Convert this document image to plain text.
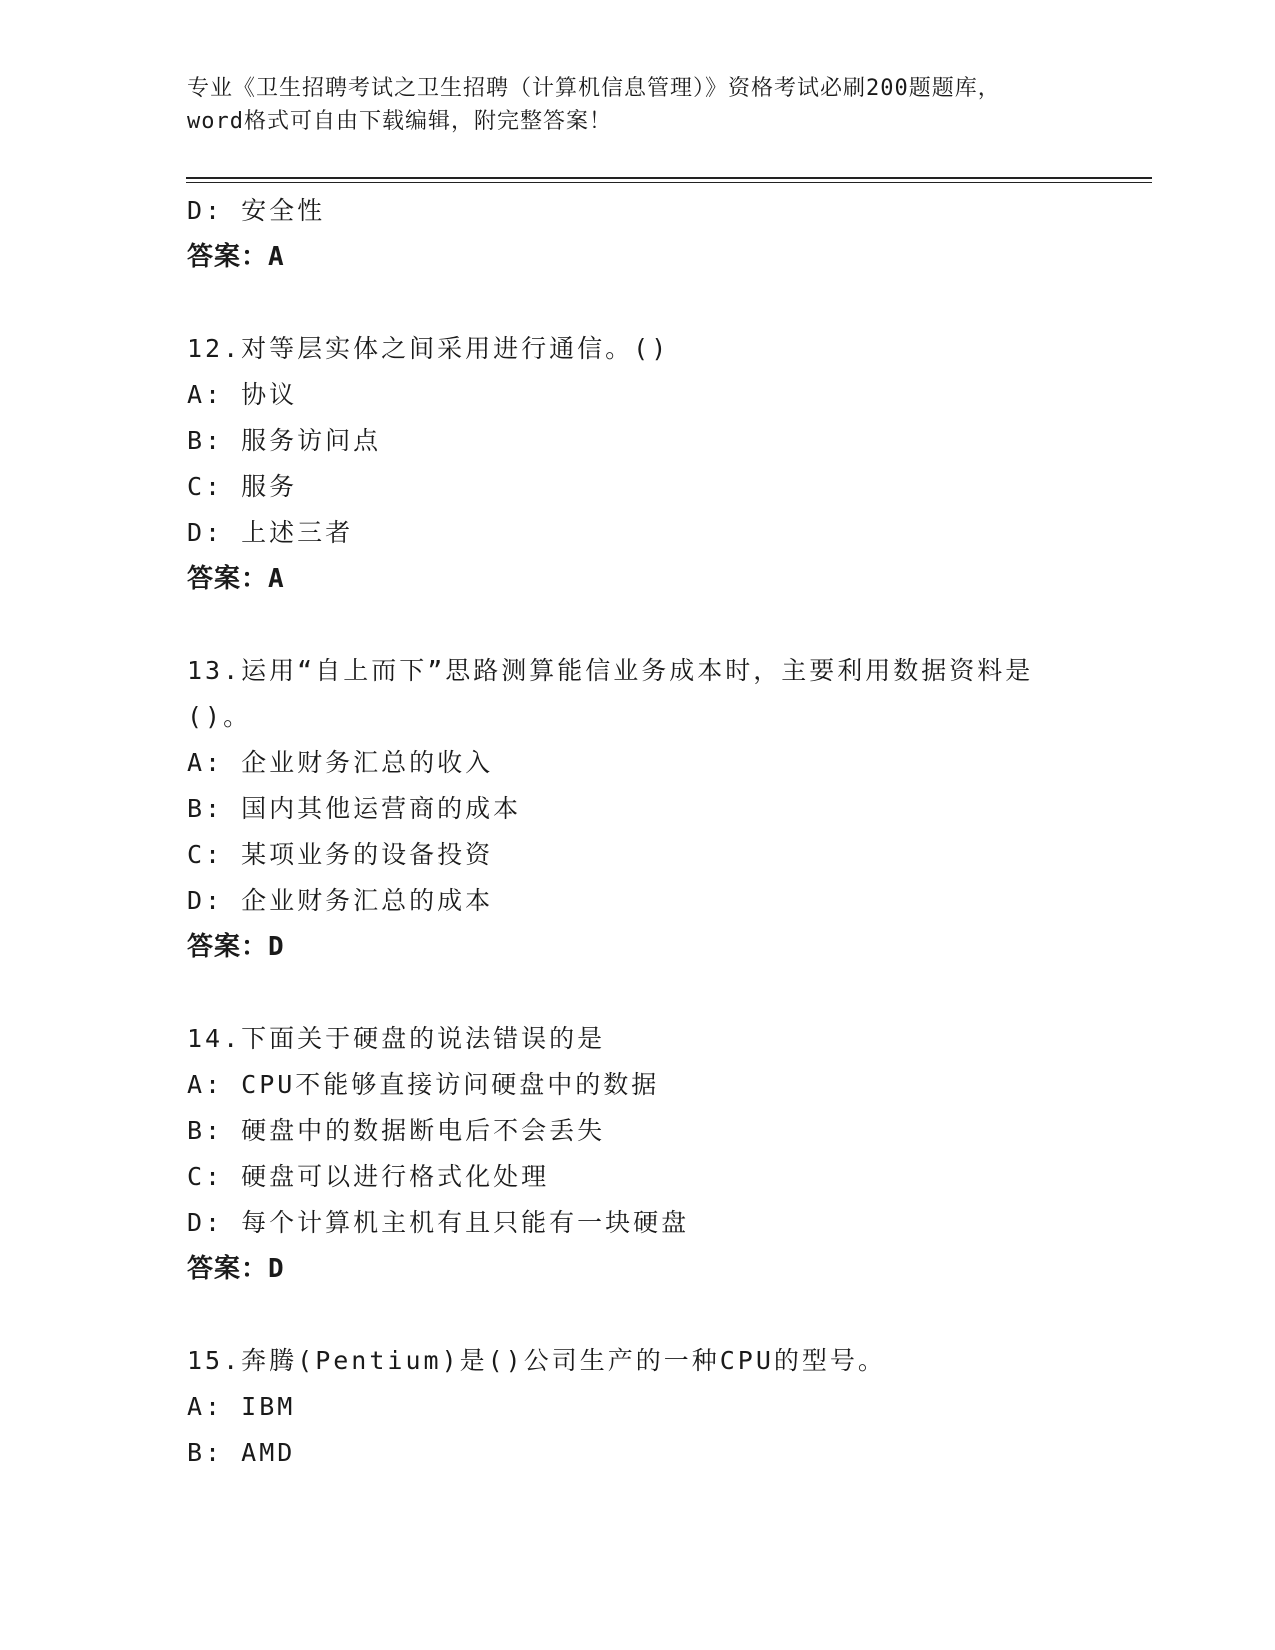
专业《卫生招聘考试之卫生招聘（计算机信息管理）》资格考试必刷200题题库，
word格式可自由下载编辑，附完整答案！
D: 安全性
答案：A
12.对等层实体之间采用进行通信。()
A: 协议
B: 服务访问点
C: 服务
D: 上述三者
答案：A
13.运用“自上而下”思路测算能信业务成本时，主要利用数据资料是
()。
A: 企业财务汇总的收入
B: 国内其他运营商的成本
C: 某项业务的设备投资
D: 企业财务汇总的成本
答案：D
14.下面关于硬盘的说法错误的是
A: CPU不能够直接访问硬盘中的数据
B: 硬盘中的数据断电后不会丢失
C: 硬盘可以进行格式化处理
D: 每个计算机主机有且只能有一块硬盘
答案：D
15.奔腾(Pentium)是()公司生产的一种CPU的型号。
A: IBM
B: AMD
